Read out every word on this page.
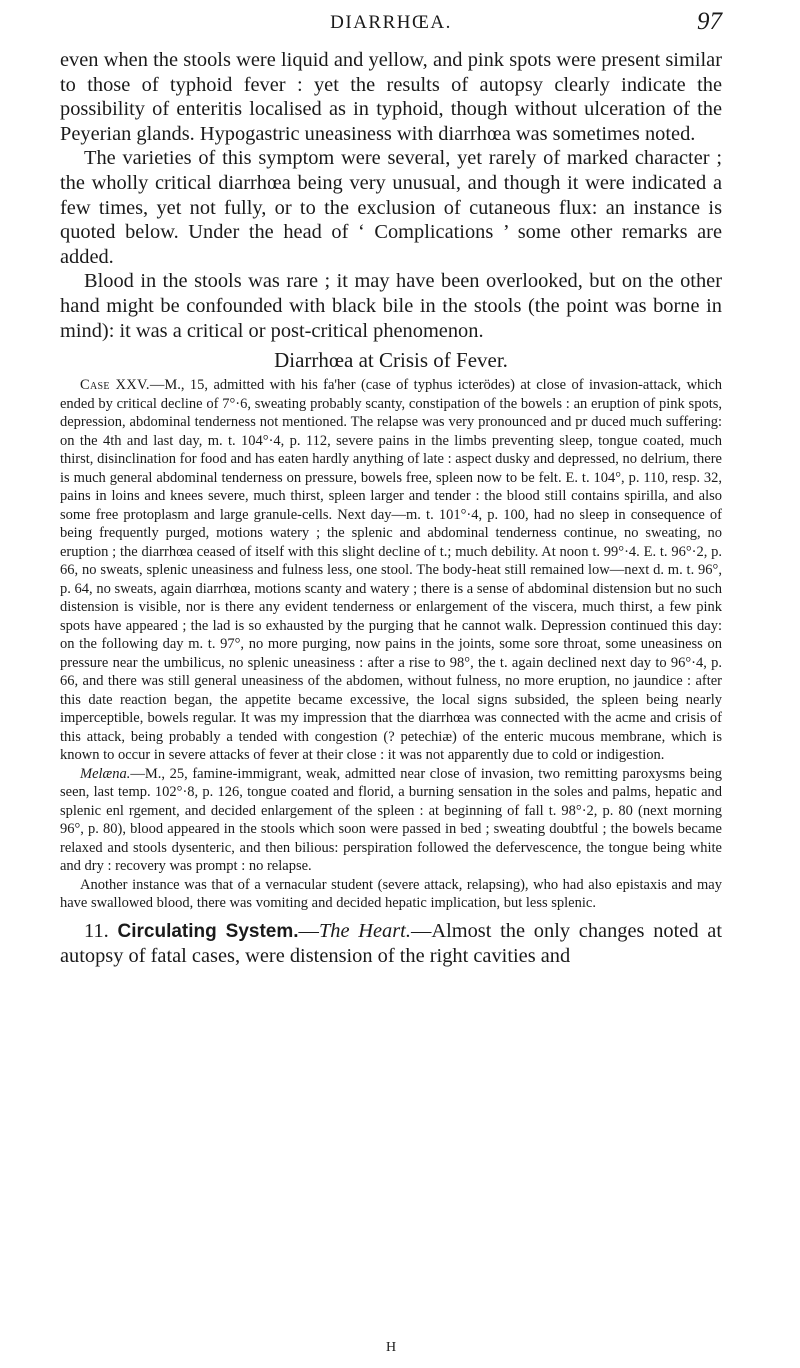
DIARRHŒA.	97

even when the stools were liquid and yellow, and pink spots were present similar to those of typhoid fever : yet the results of autopsy clearly indicate the possibility of enteritis localised as in typhoid, though without ulceration of the Peyerian glands. Hypogastric uneasiness with diarrhœa was sometimes noted.

The varieties of this symptom were several, yet rarely of marked character ; the wholly critical diarrhœa being very unusual, and though it were indicated a few times, yet not fully, or to the exclusion of cutaneous flux: an instance is quoted below. Under the head of ‘ Complications ’ some other remarks are added.

Blood in the stools was rare ; it may have been overlooked, but on the other hand might be confounded with black bile in the stools (the point was borne in mind): it was a critical or post-critical phenomenon.

Diarrhœa at Crisis of Fever.

Case XXV.—M., 15, admitted with his fa'her (case of typhus icterödes) at close of invasion-attack, which ended by critical decline of 7°·6, sweating probably scanty, constipation of the bowels : an eruption of pink spots, depression, abdominal tenderness not mentioned. The relapse was very pronounced and pr duced much suffering: on the 4th and last day, m. t. 104°·4, p. 112, severe pains in the limbs preventing sleep, tongue coated, much thirst, disinclination for food and has eaten hardly anything of late : aspect dusky and depressed, no delrium, there is much general abdominal tenderness on pressure, bowels free, spleen now to be felt. E. t. 104°, p. 110, resp. 32, pains in loins and knees severe, much thirst, spleen larger and tender : the blood still contains spirilla, and also some free protoplasm and large granule-cells. Next day—m. t. 101°·4, p. 100, had no sleep in consequence of being frequently purged, motions watery ; the splenic and abdominal tenderness continue, no sweating, no eruption ; the diarrhœa ceased of itself with this slight decline of t.; much debility. At noon t. 99°·4. E. t. 96°·2, p. 66, no sweats, splenic uneasiness and fulness less, one stool. The body-heat still remained low—next d. m. t. 96°, p. 64, no sweats, again diarrhœa, motions scanty and watery ; there is a sense of abdominal distension but no such distension is visible, nor is there any evident tenderness or enlargement of the viscera, much thirst, a few pink spots have appeared ; the lad is so exhausted by the purging that he cannot walk. Depression continued this day: on the following day m. t. 97°, no more purging, now pains in the joints, some sore throat, some uneasiness on pressure near the umbilicus, no splenic uneasiness : after a rise to 98°, the t. again declined next day to 96°·4, p. 66, and there was still general uneasiness of the abdomen, without fulness, no more eruption, no jaundice : after this date reaction began, the appetite became excessive, the local signs subsided, the spleen being nearly imperceptible, bowels regular. It was my impression that the diarrhœa was connected with the acme and crisis of this attack, being probably a tended with congestion (? petechiæ) of the enteric mucous membrane, which is known to occur in severe attacks of fever at their close : it was not apparently due to cold or indigestion.

Melæna.—M., 25, famine-immigrant, weak, admitted near close of invasion, two remitting paroxysms being seen, last temp. 102°·8, p. 126, tongue coated and florid, a burning sensation in the soles and palms, hepatic and splenic enl rgement, and decided enlargement of the spleen : at beginning of fall t. 98°·2, p. 80 (next morning 96°, p. 80), blood appeared in the stools which soon were passed in bed ; sweating doubtful ; the bowels became relaxed and stools dysenteric, and then bilious: perspiration followed the defervescence, the tongue being white and dry : recovery was prompt : no relapse.

Another instance was that of a vernacular student (severe attack, relapsing), who had also epistaxis and may have swallowed blood, there was vomiting and decided hepatic implication, but less splenic.

11. Circulating System.—The Heart.—Almost the only changes noted at autopsy of fatal cases, were distension of the right cavities and

H
